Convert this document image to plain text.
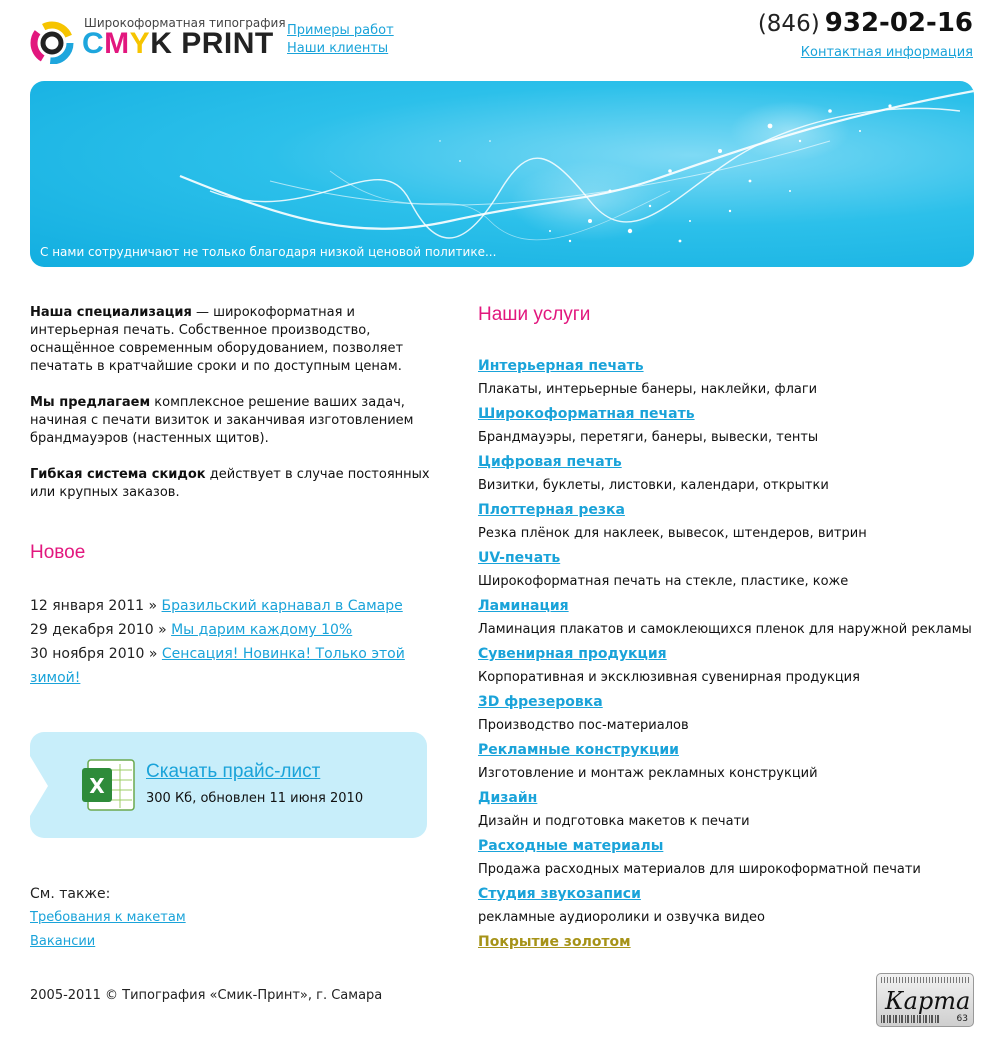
Широкоформатная типография
CMYK PRINT Примеры работ
Наши клиенты
(846) 932-02-16
Контактная информация
С нами сотрудничают не только благодаря низкой ценовой политике...

Наша специализация — широкоформатная и интерьерная печать. Собственное производство, оснащённое современным оборудованием, позволяет печатать в кратчайшие сроки и по доступным ценам.

Мы предлагаем комплексное решение ваших задач, начиная с печати визиток и заканчивая изготовлением брандмауэров (настенных щитов).

Гибкая система скидок действует в случае постоянных или крупных заказов.

Новое
12 января 2011 » Бразильский карнавал в Самаре
29 декабря 2010 » Мы дарим каждому 10%
30 ноября 2010 » Сенсация! Новинка! Только этой зимой!
X
Скачать прайс-лист
300 Кб, обновлен 11 июня 2010
См. также:
Требования к макетам
Вакансии
2005-2011 © Типография «Смик-Принт», г. Самара	Карта
63
Наши услуги
Интерьерная печать
Плакаты, интерьерные банеры, наклейки, флаги
Широкоформатная печать
Брандмауэры, перетяги, банеры, вывески, тенты
Цифровая печать
Визитки, буклеты, листовки, календари, открытки
Плоттерная резка
Резка плёнок для наклеек, вывесок, штендеров, витрин
UV-печать
Широкоформатная печать на стекле, пластике, коже
Ламинация
Ламинация плакатов и самоклеющихся пленок для наружной рекламы
Сувенирная продукция
Корпоративная и эксклюзивная сувенирная продукция
3D фрезеровка
Производство пос-материалов
Рекламные конструкции
Изготовление и монтаж рекламных конструкций
Дизайн
Дизайн и подготовка макетов к печати
Расходные материалы
Продажа расходных материалов для широкоформатной печати
Студия звукозаписи
рекламные аудиоролики и озвучка видео
Покрытие золотом
